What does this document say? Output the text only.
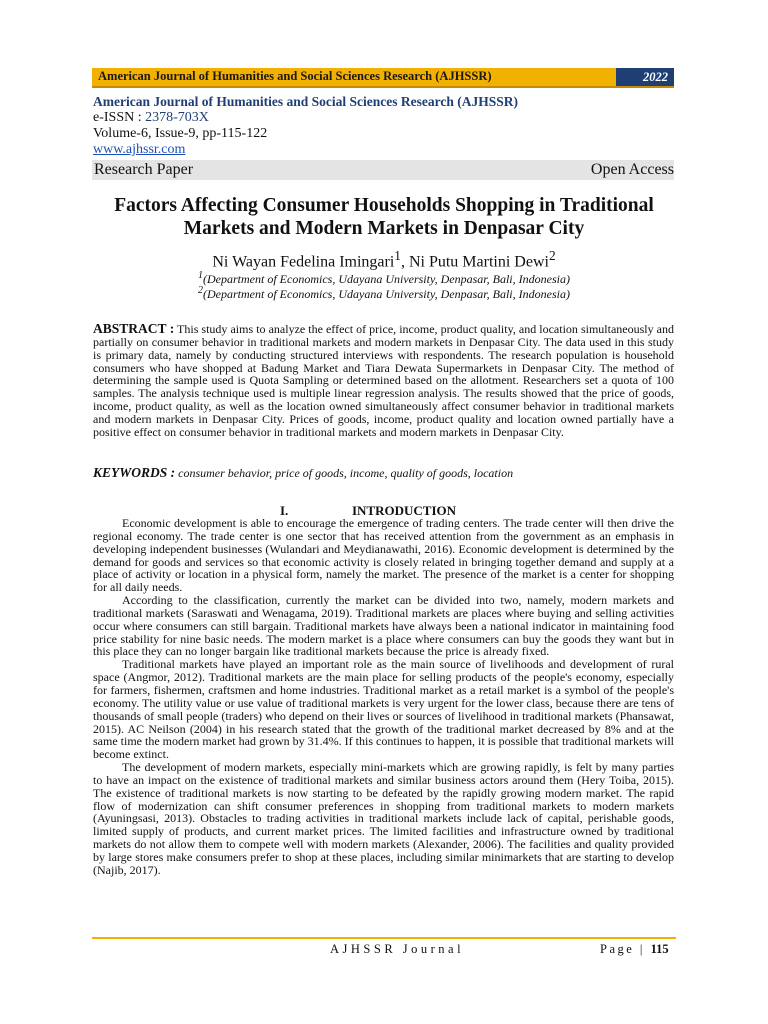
American Journal of Humanities and Social Sciences Research (AJHSSR)	2022
American Journal of Humanities and Social Sciences Research (AJHSSR)
e-ISSN : 2378-703X
Volume-6, Issue-9, pp-115-122
www.ajhssr.com
Research Paper	Open Access
Factors Affecting Consumer Households Shopping in Traditional
Markets and Modern Markets in Denpasar City
Ni Wayan Fedelina Imingari$^1$, Ni Putu Martini Dewi$^2$
$^1$(Department of Economics, Udayana University, Denpasar, Bali, Indonesia)
$^2$(Department of Economics, Udayana University, Denpasar, Bali, Indonesia)
ABSTRACT : This study aims to analyze the effect of price, income, product quality, and location simultaneously and partially on consumer behavior in traditional markets and modern markets in Denpasar City. The data used in this study is primary data, namely by conducting structured interviews with respondents. The research population is household consumers who have shopped at Badung Market and Tiara Dewata Supermarkets in Denpasar City. The method of determining the sample used is Quota Sampling or determined based on the allotment. Researchers set a quota of 100 samples. The analysis technique used is multiple linear regression analysis. The results showed that the price of goods, income, product quality, as well as the location owned simultaneously affect consumer behavior in traditional markets and modern markets in Denpasar City. Prices of goods, income, product quality and location owned partially have a positive effect on consumer behavior in traditional markets and modern markets in Denpasar City.
KEYWORDS : consumer behavior, price of goods, income, quality of goods, location
I.	INTRODUCTION

Economic development is able to encourage the emergence of trading centers. The trade center will then drive the regional economy. The trade center is one sector that has received attention from the government as an emphasis in developing independent businesses (Wulandari and Meydianawathi, 2016). Economic development is determined by the demand for goods and services so that economic activity is closely related in bringing together demand and supply at a place of activity or location in a physical form, namely the market. The presence of the market is a center for shopping for all daily needs.

According to the classification, currently the market can be divided into two, namely, modern markets and traditional markets (Saraswati and Wenagama, 2019). Traditional markets are places where buying and selling activities occur where consumers can still bargain. Traditional markets have always been a national indicator in maintaining food price stability for nine basic needs. The modern market is a place where consumers can buy the goods they want but in this place they can no longer bargain like traditional markets because the price is already fixed.

Traditional markets have played an important role as the main source of livelihoods and development of rural space (Angmor, 2012). Traditional markets are the main place for selling products of the people's economy, especially for farmers, fishermen, craftsmen and home industries. Traditional market as a retail market is a symbol of the people's economy. The utility value or use value of traditional markets is very urgent for the lower class, because there are tens of thousands of small people (traders) who depend on their lives or sources of livelihood in traditional markets (Phansawat, 2015). AC Neilson (2004) in his research stated that the growth of the traditional market decreased by 8% and at the same time the modern market had grown by 31.4%. If this continues to happen, it is possible that traditional markets will become extinct.

The development of modern markets, especially mini-markets which are growing rapidly, is felt by many parties to have an impact on the existence of traditional markets and similar business actors around them (Hery Toiba, 2015). The existence of traditional markets is now starting to be defeated by the rapidly growing modern market. The rapid flow of modernization can shift consumer preferences in shopping from traditional markets to modern markets (Ayuningsasi, 2013). Obstacles to trading activities in traditional markets include lack of capital, perishable goods, limited supply of products, and current market prices. The limited facilities and infrastructure owned by traditional markets do not allow them to compete well with modern markets (Alexander, 2006). The facilities and quality provided by large stores make consumers prefer to shop at these places, including similar minimarkets that are starting to develop (Najib, 2017).

AJHSSR Journal	Page | 115
